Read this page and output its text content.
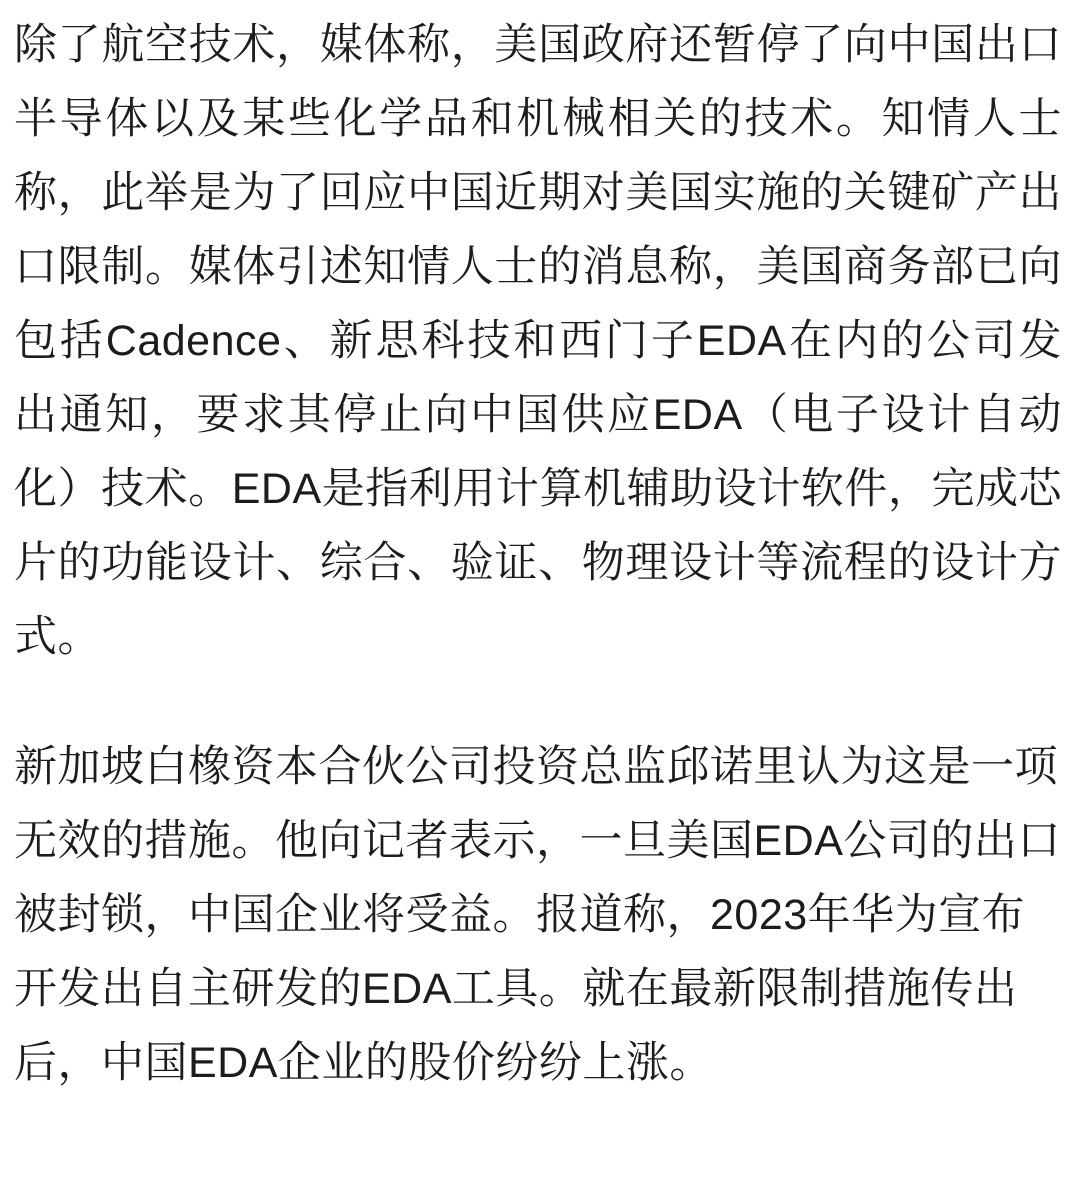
除了航空技术，媒体称，美国政府还暂停了向中国出口半导体以及某些化学品和机械相关的技术。知情人士称，此举是为了回应中国近期对美国实施的关键矿产出口限制。媒体引述知情人士的消息称，美国商务部已向包括Cadence、新思科技和西门子EDA在内的公司发出通知，要求其停止向中国供应EDA（电子设计自动化）技术。EDA是指利用计算机辅助设计软件，完成芯片的功能设计、综合、验证、物理设计等流程的设计方式。

新加坡白橡资本合伙公司投资总监邱诺里认为这是一项无效的措施。他向记者表示，一旦美国EDA公司的出口被封锁，中国企业将受益。报道称，2023年华为宣布开发出自主研发的EDA工具。就在最新限制措施传出后，中国EDA企业的股价纷纷上涨。
